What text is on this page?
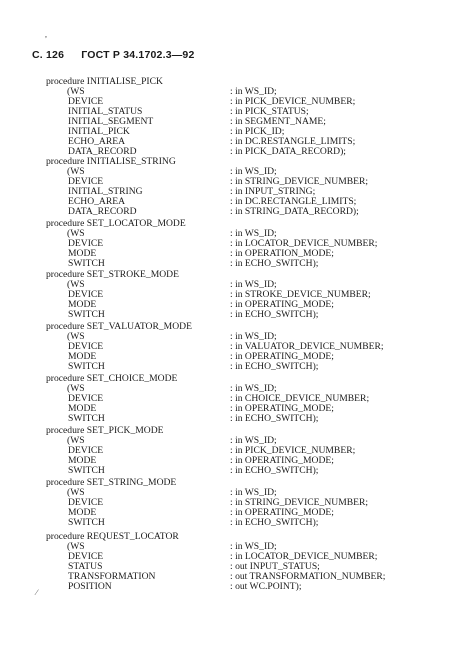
С. 126 ГОСТ Р 34.1702.3—92
,
⁄
procedure INITIALISE_PICK
(WS
DEVICE
INITIAL_STATUS
INITIAL_SEGMENT
INITIAL_PICK
ECHO_AREA
DATA_RECORD
: in WS_ID;
: in PICK_DEVICE_NUMBER;
: in PICK_STATUS;
: in SEGMENT_NAME;
: in PICK_ID;
: in DC.RESTANGLE_LIMITS;
: in PICK_DATA_RECORD);
procedure INITIALISE_STRING
(WS
DEVICE
INITIAL_STRING
ECHO_AREA
DATA_RECORD
: in WS_ID;
: in STRING_DEVICE_NUMBER;
: in INPUT_STRING;
: in DC.RECTANGLE_LIMITS;
: in STRING_DATA_RECORD);
procedure SET_LOCATOR_MODE
(WS
DEVICE
MODE
SWITCH
: in WS_ID;
: in LOCATOR_DEVICE_NUMBER;
: in OPERATION_MODE;
: in ECHO_SWITCH);
procedure SET_STROKE_MODE
(WS
DEVICE
MODE
SWITCH
: in WS_ID;
: in STROKE_DEVICE_NUMBER;
: in OPERATING_MODE;
: in ECHO_SWITCH);
procedure SET_VALUATOR_MODE
(WS
DEVICE
MODE
SWITCH
: in WS_ID;
: in VALUATOR_DEVICE_NUMBER;
: in OPERATING_MODE;
: in ECHO_SWITCH);
procedure SET_CHOICE_MODE
(WS
DEVICE
MODE
SWITCH
: in WS_ID;
: in CHOICE_DEVICE_NUMBER;
: in OPERATING_MODE;
: in ECHO_SWITCH);
procedure SET_PICK_MODE
(WS
DEVICE
MODE
SWITCH
: in WS_ID;
: in PICK_DEVICE_NUMBER;
: in OPERATING_MODE;
: in ECHO_SWITCH);
procedure SET_STRING_MODE
(WS
DEVICE
MODE
SWITCH
: in WS_ID;
: in STRING_DEVICE_NUMBER;
: in OPERATING_MODE;
: in ECHO_SWITCH);
procedure REQUEST_LOCATOR
(WS
DEVICE
STATUS
TRANSFORMATION
POSITION
: in WS_ID;
: in LOCATOR_DEVICE_NUMBER;
: out INPUT_STATUS;
: out TRANSFORMATION_NUMBER;
: out WC.POINT);
